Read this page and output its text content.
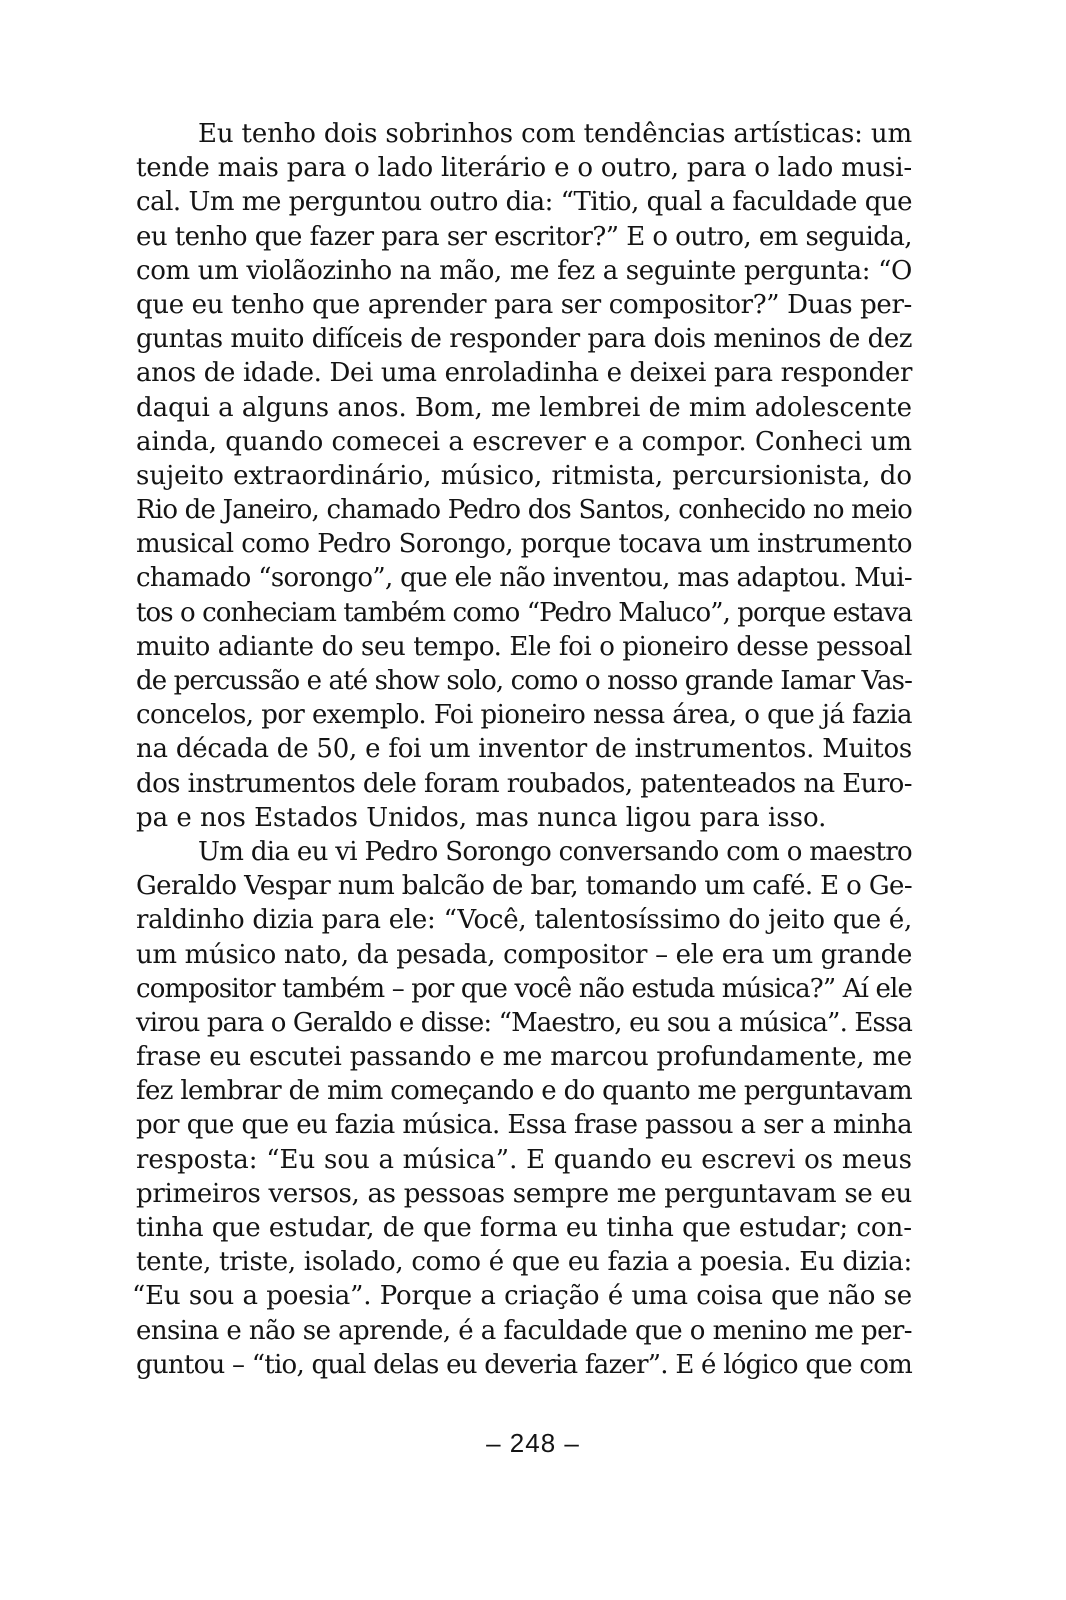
Eu tenho dois sobrinhos com tendências artísticas: um
tende mais para o lado literário e o outro, para o lado musi-
cal. Um me perguntou outro dia: “Titio, qual a faculdade que
eu tenho que fazer para ser escritor?” E o outro, em seguida,
com um violãozinho na mão, me fez a seguinte pergunta: “O
que eu tenho que aprender para ser compositor?” Duas per-
guntas muito difíceis de responder para dois meninos de dez
anos de idade. Dei uma enroladinha e deixei para responder
daqui a alguns anos. Bom, me lembrei de mim adolescente
ainda, quando comecei a escrever e a compor. Conheci um
sujeito extraordinário, músico, ritmista, percursionista, do
Rio de Janeiro, chamado Pedro dos Santos, conhecido no meio
musical como Pedro Sorongo, porque tocava um instrumento
chamado “sorongo”, que ele não inventou, mas adaptou. Mui-
tos o conheciam também como “Pedro Maluco”, porque estava
muito adiante do seu tempo. Ele foi o pioneiro desse pessoal
de percussão e até show solo, como o nosso grande Iamar Vas-
concelos, por exemplo. Foi pioneiro nessa área, o que já fazia
na década de 50, e foi um inventor de instrumentos. Muitos
dos instrumentos dele foram roubados, patenteados na Euro-
pa e nos Estados Unidos, mas nunca ligou para isso.
Um dia eu vi Pedro Sorongo conversando com o maestro
Geraldo Vespar num balcão de bar, tomando um café. E o Ge-
raldinho dizia para ele: “Você, talentosíssimo do jeito que é,
um músico nato, da pesada, compositor – ele era um grande
compositor também – por que você não estuda música?” Aí ele
virou para o Geraldo e disse: “Maestro, eu sou a música”. Essa
frase eu escutei passando e me marcou profundamente, me
fez lembrar de mim começando e do quanto me perguntavam
por que que eu fazia música. Essa frase passou a ser a minha
resposta: “Eu sou a música”. E quando eu escrevi os meus
primeiros versos, as pessoas sempre me perguntavam se eu
tinha que estudar, de que forma eu tinha que estudar; con-
tente, triste, isolado, como é que eu fazia a poesia. Eu dizia:
“Eu sou a poesia”. Porque a criação é uma coisa que não se
ensina e não se aprende, é a faculdade que o menino me per-
guntou – “tio, qual delas eu deveria fazer”. E é lógico que com
– 248 –
